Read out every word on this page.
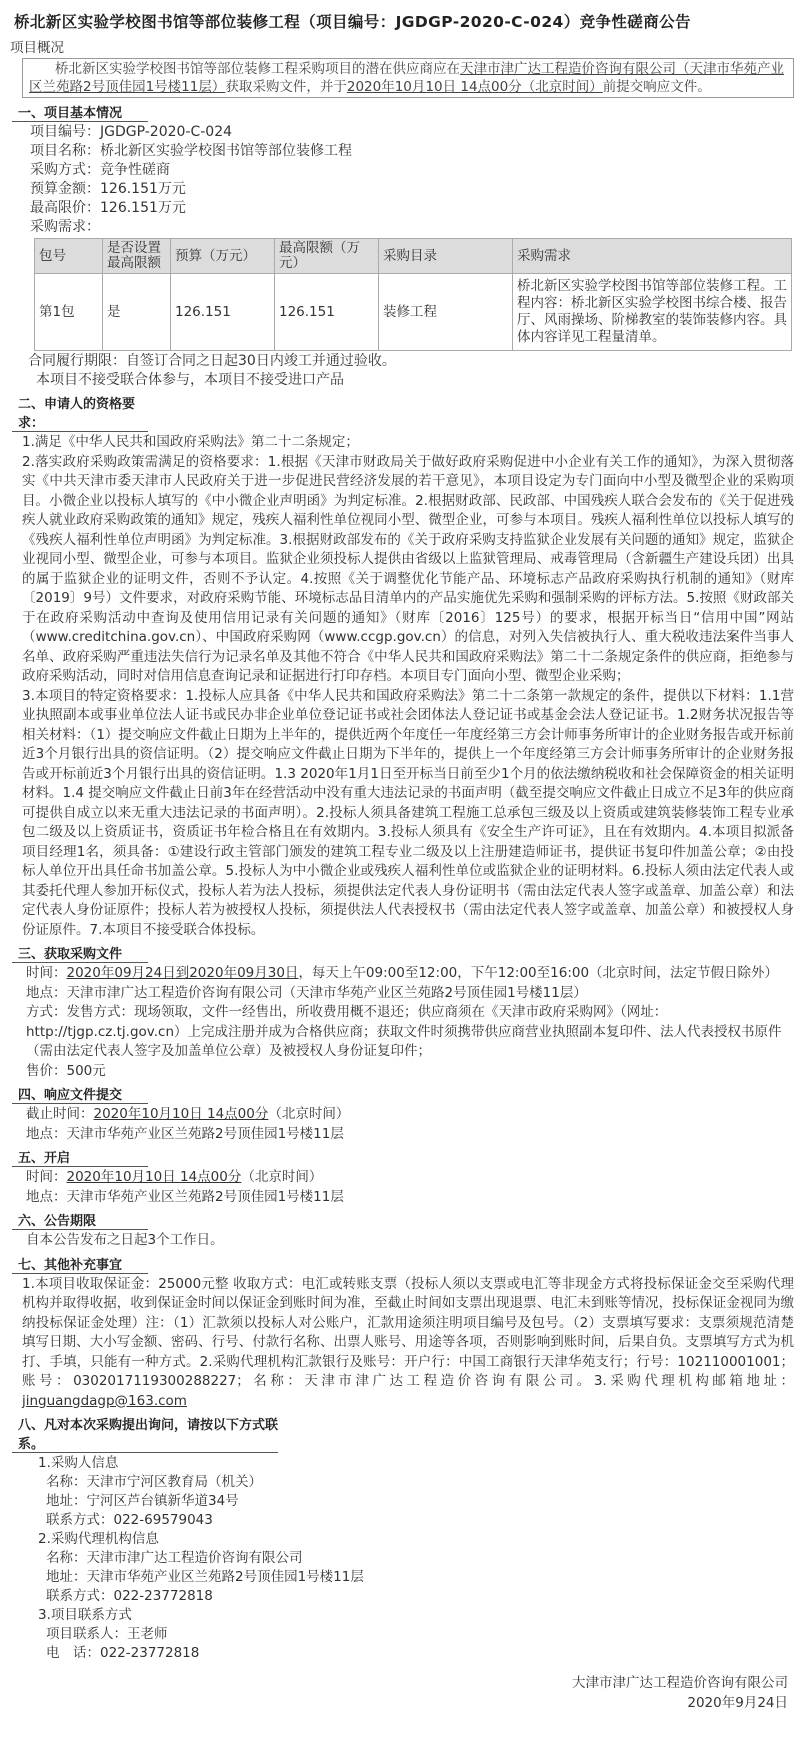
桥北新区实验学校图书馆等部位装修工程（项目编号：JGDGP-2020-C-024）竞争性磋商公告
项目概况
桥北新区实验学校图书馆等部位装修工程采购项目的潜在供应商应在天津市津广达工程造价咨询有限公司（天津市华苑产业区兰苑路2号顶佳园1号楼11层）获取采购文件，并于2020年10月10日 14点00分（北京时间）前提交响应文件。
一、项目基本情况
项目编号：JGDGP-2020-C-024
项目名称：桥北新区实验学校图书馆等部位装修工程
采购方式：竞争性磋商
预算金额：126.151万元
最高限价：126.151万元
采购需求：
包号	是否设置最高限额	预算（万元）	最高限额（万元）	采购目录	采购需求
第1包	是	126.151	126.151	装修工程	桥北新区实验学校图书馆等部位装修工程。工程内容：桥北新区实验学校图书综合楼、报告厅、风雨操场、阶梯教室的装饰装修内容。具体内容详见工程量清单。
合同履行期限：自签订合同之日起30日内竣工并通过验收。
本项目不接受联合体参与，本项目不接受进口产品
二、申请人的资格要求：
1.满足《中华人民共和国政府采购法》第二十二条规定；
2.落实政府采购政策需满足的资格要求：1.根据《天津市财政局关于做好政府采购促进中小企业有关工作的通知》，为深入贯彻落实《中共天津市委天津市人民政府关于进一步促进民营经济发展的若干意见》，本项目设定为专门面向中小型及微型企业的采购项目。小微企业以投标人填写的《中小微企业声明函》为判定标准。2.根据财政部、民政部、中国残疾人联合会发布的《关于促进残疾人就业政府采购政策的通知》规定，残疾人福利性单位视同小型、微型企业，可参与本项目。残疾人福利性单位以投标人填写的《残疾人福利性单位声明函》为判定标准。3.根据财政部发布的《关于政府采购支持监狱企业发展有关问题的通知》规定，监狱企业视同小型、微型企业，可参与本项目。监狱企业须投标人提供由省级以上监狱管理局、戒毒管理局（含新疆生产建设兵团）出具的属于监狱企业的证明文件，否则不予认定。4.按照《关于调整优化节能产品、环境标志产品政府采购执行机制的通知》（财库〔2019〕9号）文件要求，对政府采购节能、环境标志品目清单内的产品实施优先采购和强制采购的评标方法。5.按照《财政部关于在政府采购活动中查询及使用信用记录有关问题的通知》（财库〔2016〕125号）的要求，根据开标当日“信用中国”网站（www.creditchina.gov.cn）、中国政府采购网（www.ccgp.gov.cn）的信息，对列入失信被执行人、重大税收违法案件当事人名单、政府采购严重违法失信行为记录名单及其他不符合《中华人民共和国政府采购法》第二十二条规定条件的供应商，拒绝参与政府采购活动，同时对信用信息查询记录和证据进行打印存档。本项目专门面向小型、微型企业采购；
3.本项目的特定资格要求：1.投标人应具备《中华人民共和国政府采购法》第二十二条第一款规定的条件，提供以下材料：1.1营业执照副本或事业单位法人证书或民办非企业单位登记证书或社会团体法人登记证书或基金会法人登记证书。1.2财务状况报告等相关材料：（1）提交响应文件截止日期为上半年的，提供近两个年度任一年度经第三方会计师事务所审计的企业财务报告或开标前近3个月银行出具的资信证明。（2）提交响应文件截止日期为下半年的，提供上一个年度经第三方会计师事务所审计的企业财务报告或开标前近3个月银行出具的资信证明。1.3 2020年1月1日至开标当日前至少1个月的依法缴纳税收和社会保障资金的相关证明材料。1.4 提交响应文件截止日前3年在经营活动中没有重大违法记录的书面声明（截至提交响应文件截止日成立不足3年的供应商可提供自成立以来无重大违法记录的书面声明）。2.投标人须具备建筑工程施工总承包三级及以上资质或建筑装修装饰工程专业承包二级及以上资质证书，资质证书年检合格且在有效期内。3.投标人须具有《安全生产许可证》，且在有效期内。4.本项目拟派备项目经理1名，须具备：①建设行政主管部门颁发的建筑工程专业二级及以上注册建造师证书，提供证书复印件加盖公章；②由投标人单位开出具任命书加盖公章。5.投标人为中小微企业或残疾人福利性单位或监狱企业的证明材料。6.投标人须由法定代表人或其委托代理人参加开标仪式，投标人若为法人投标，须提供法定代表人身份证明书（需由法定代表人签字或盖章、加盖公章）和法定代表人身份证原件；投标人若为被授权人投标，须提供法人代表授权书（需由法定代表人签字或盖章、加盖公章）和被授权人身份证原件。7.本项目不接受联合体投标。
三、获取采购文件
时间：2020年09月24日到2020年09月30日，每天上午09:00至12:00，下午12:00至16:00（北京时间，法定节假日除外）
地点：天津市津广达工程造价咨询有限公司（天津市华苑产业区兰苑路2号顶佳园1号楼11层）
方式：发售方式：现场领取，文件一经售出，所收费用概不退还；供应商须在《天津市政府采购网》（网址：http://tjgp.cz.tj.gov.cn）上完成注册并成为合格供应商；获取文件时须携带供应商营业执照副本复印件、法人代表授权书原件（需由法定代表人签字及加盖单位公章）及被授权人身份证复印件；
售价：500元
四、响应文件提交
截止时间：2020年10月10日 14点00分（北京时间）
地点：天津市华苑产业区兰苑路2号顶佳园1号楼11层
五、开启
时间：2020年10月10日 14点00分（北京时间）
地点：天津市华苑产业区兰苑路2号顶佳园1号楼11层
六、公告期限
自本公告发布之日起3个工作日。
七、其他补充事宜
1.本项目收取保证金：25000元整 收取方式：电汇或转账支票（投标人须以支票或电汇等非现金方式将投标保证金交至采购代理机构并取得收据，收到保证金时间以保证金到账时间为准，至截止时间如支票出现退票、电汇未到账等情况，投标保证金视同为缴纳投标保证金处理）注：（1）汇款须以投标人对公账户，汇款用途须注明项目编号及包号。（2）支票填写要求：支票须规范清楚填写日期、大小写金额、密码、行号、付款行名称、出票人账号、用途等各项，否则影响到账时间，后果自负。支票填写方式为机打、手填，只能有一种方式。2.采购代理机构汇款银行及账号：开户行：中国工商银行天津华苑支行；行号：102110001001；账号：0302017119300288227；名称：天津市津广达工程造价咨询有限公司。3.采购代理机构邮箱地址：jinguangdagp@163.com
八、凡对本次采购提出询问，请按以下方式联系。
1.采购人信息
名称：天津市宁河区教育局（机关）
地址：宁河区芦台镇新华道34号
联系方式：022-69579043
2.采购代理机构信息
名称：天津市津广达工程造价咨询有限公司
地址：天津市华苑产业区兰苑路2号顶佳园1号楼11层
联系方式：022-23772818
3.项目联系方式
项目联系人：王老师
电　话：022-23772818
大津市津广达工程造价咨询有限公司
2020年9月24日
